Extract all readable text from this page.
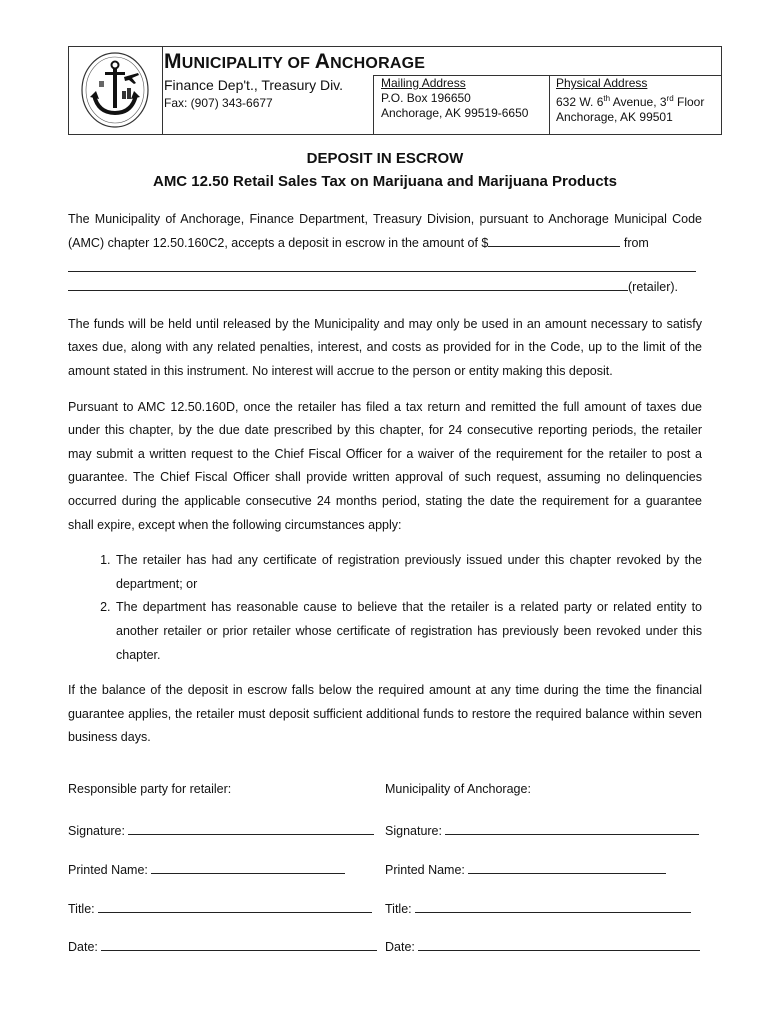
MUNICIPALITY OF ANCHORAGE
Finance Dep't., Treasury Div.
Fax: (907) 343-6677
Mailing Address
P.O. Box 196650
Anchorage, AK 99519-6650
Physical Address
632 W. 6th Avenue, 3rd Floor
Anchorage, AK 99501

DEPOSIT IN ESCROW

AMC 12.50 Retail Sales Tax on Marijuana and Marijuana Products

The Municipality of Anchorage, Finance Department, Treasury Division, pursuant to Anchorage Municipal Code (AMC) chapter 12.50.160C2, accepts a deposit in escrow in the amount of $	from

(retailer).

The funds will be held until released by the Municipality and may only be used in an amount necessary to satisfy taxes due, along with any related penalties, interest, and costs as provided for in the Code, up to the limit of the amount stated in this instrument. No interest will accrue to the person or entity making this deposit.

Pursuant to AMC 12.50.160D, once the retailer has filed a tax return and remitted the full amount of taxes due under this chapter, by the due date prescribed by this chapter, for 24 consecutive reporting periods, the retailer may submit a written request to the Chief Fiscal Officer for a waiver of the requirement for the retailer to post a guarantee. The Chief Fiscal Officer shall provide written approval of such request, assuming no delinquencies occurred during the applicable consecutive 24 months period, stating the date the requirement for a guarantee shall expire, except when the following circumstances apply:

1. The retailer has had any certificate of registration previously issued under this chapter revoked by the department; or
2. The department has reasonable cause to believe that the retailer is a related party or related entity to another retailer or prior retailer whose certificate of registration has previously been revoked under this chapter.

If the balance of the deposit in escrow falls below the required amount at any time during the time the financial guarantee applies, the retailer must deposit sufficient additional funds to restore the required balance within seven business days.

Responsible party for retailer:	Municipality of Anchorage:
Signature:	Signature:
Printed Name:	Printed Name:
Title:	Title:
Date:	Date:
